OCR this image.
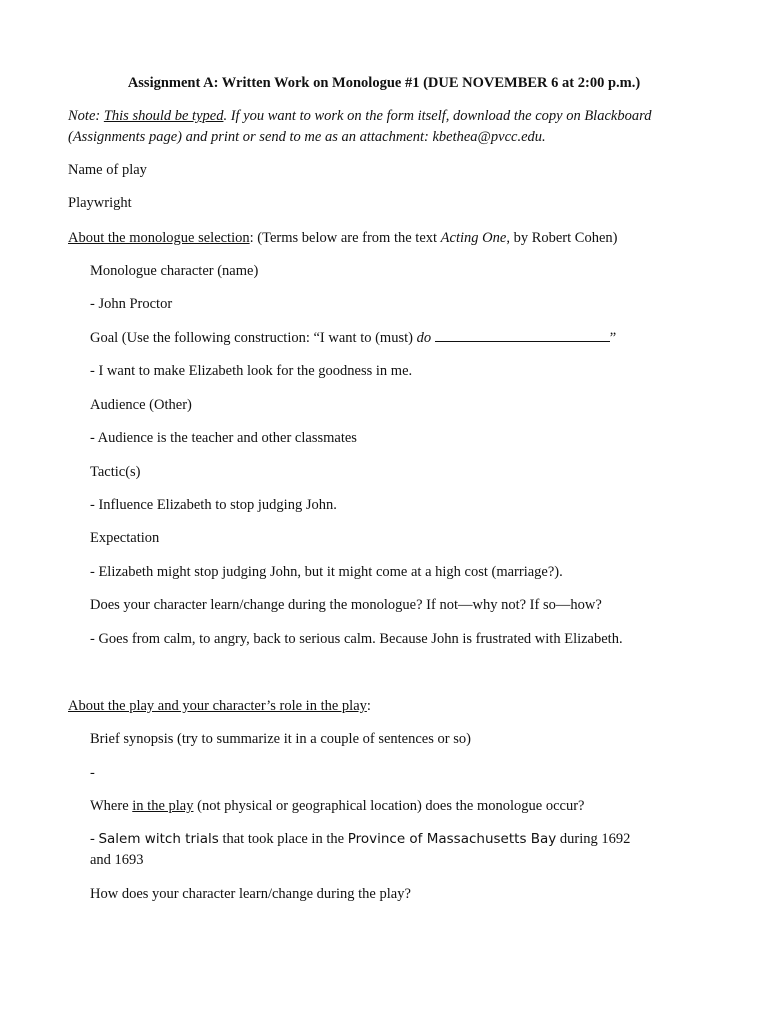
Assignment A: Written Work on Monologue #1 (DUE NOVEMBER 6 at 2:00 p.m.)
Note: This should be typed. If you want to work on the form itself, download the copy on Blackboard
(Assignments page) and print or send to me as an attachment: kbethea@pvcc.edu.
Name of play
Playwright
About the monologue selection: (Terms below are from the text Acting One, by Robert Cohen)
Monologue character (name)
- John Proctor
Goal (Use the following construction: “I want to (must) do	”
- I want to make Elizabeth look for the goodness in me.
Audience (Other)
- Audience is the teacher and other classmates
Tactic(s)
- Influence Elizabeth to stop judging John.
Expectation
- Elizabeth might stop judging John, but it might come at a high cost (marriage?).
Does your character learn/change during the monologue? If not—why not? If so—how?
- Goes from calm, to angry, back to serious calm. Because John is frustrated with Elizabeth.
About the play and your character’s role in the play:
Brief synopsis (try to summarize it in a couple of sentences or so)
-
Where in the play (not physical or geographical location) does the monologue occur?
- Salem witch trials that took place in the Province of Massachusetts Bay during 1692
and 1693
How does your character learn/change during the play?
